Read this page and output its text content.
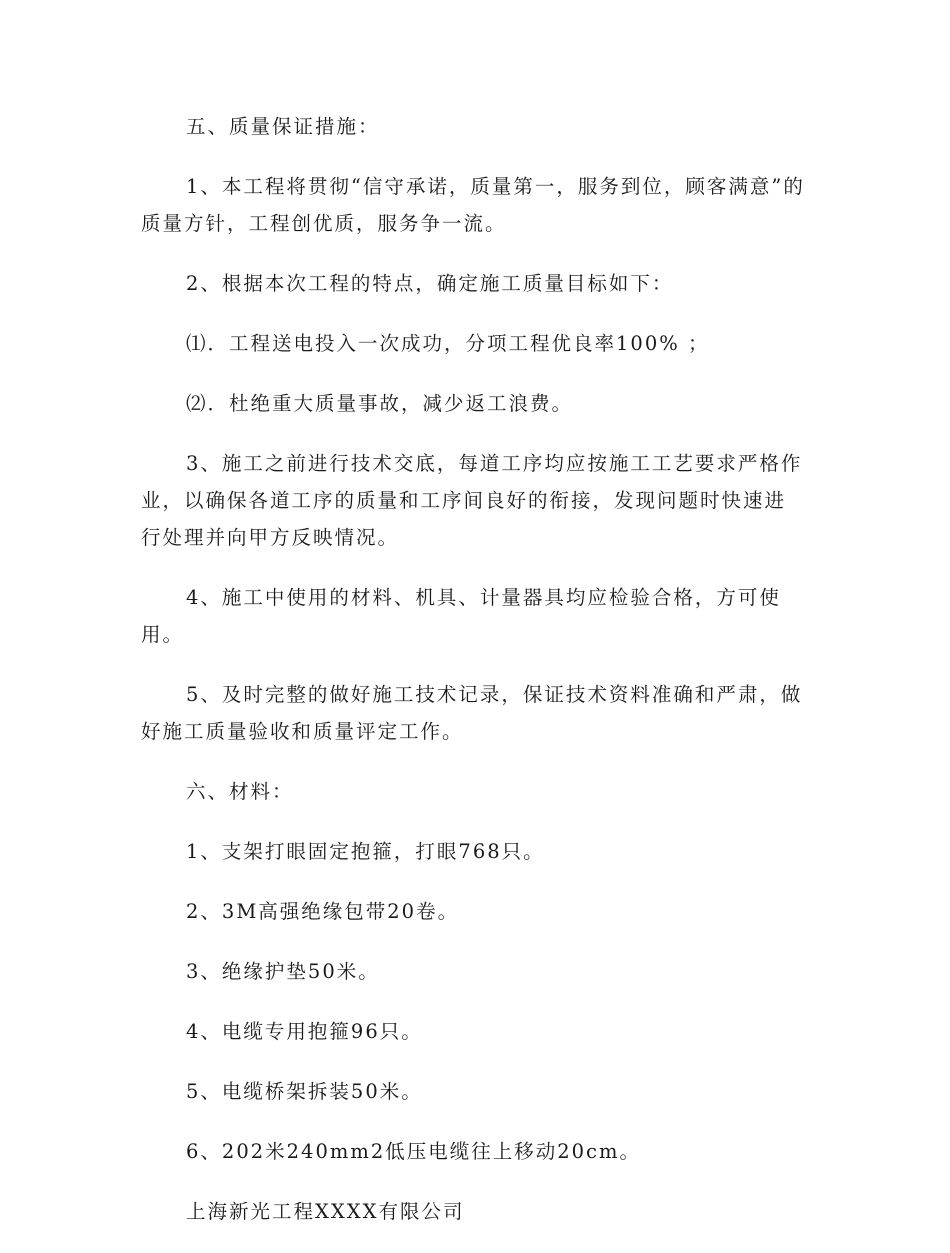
五、质量保证措施：

1、本工程将贯彻“信守承诺，质量第一，服务到位，顾客满意”的质量方针，工程创优质，服务争一流。

2、根据本次工程的特点，确定施工质量目标如下：

⑴．工程送电投入一次成功，分项工程优良率100% ；

⑵．杜绝重大质量事故，减少返工浪费。

3、施工之前进行技术交底，每道工序均应按施工工艺要求严格作业，以确保各道工序的质量和工序间良好的衔接，发现问题时快速进行处理并向甲方反映情况。

4、施工中使用的材料、机具、计量器具均应检验合格，方可使用。

5、及时完整的做好施工技术记录，保证技术资料准确和严肃，做好施工质量验收和质量评定工作。

六、材料：

1、支架打眼固定抱箍，打眼768只。

2、3M高强绝缘包带20卷。

3、绝缘护垫50米。

4、电缆专用抱箍96只。

5、电缆桥架拆装50米。

6、202米240mm2低压电缆往上移动20cm。

上海新光工程XXXX有限公司
